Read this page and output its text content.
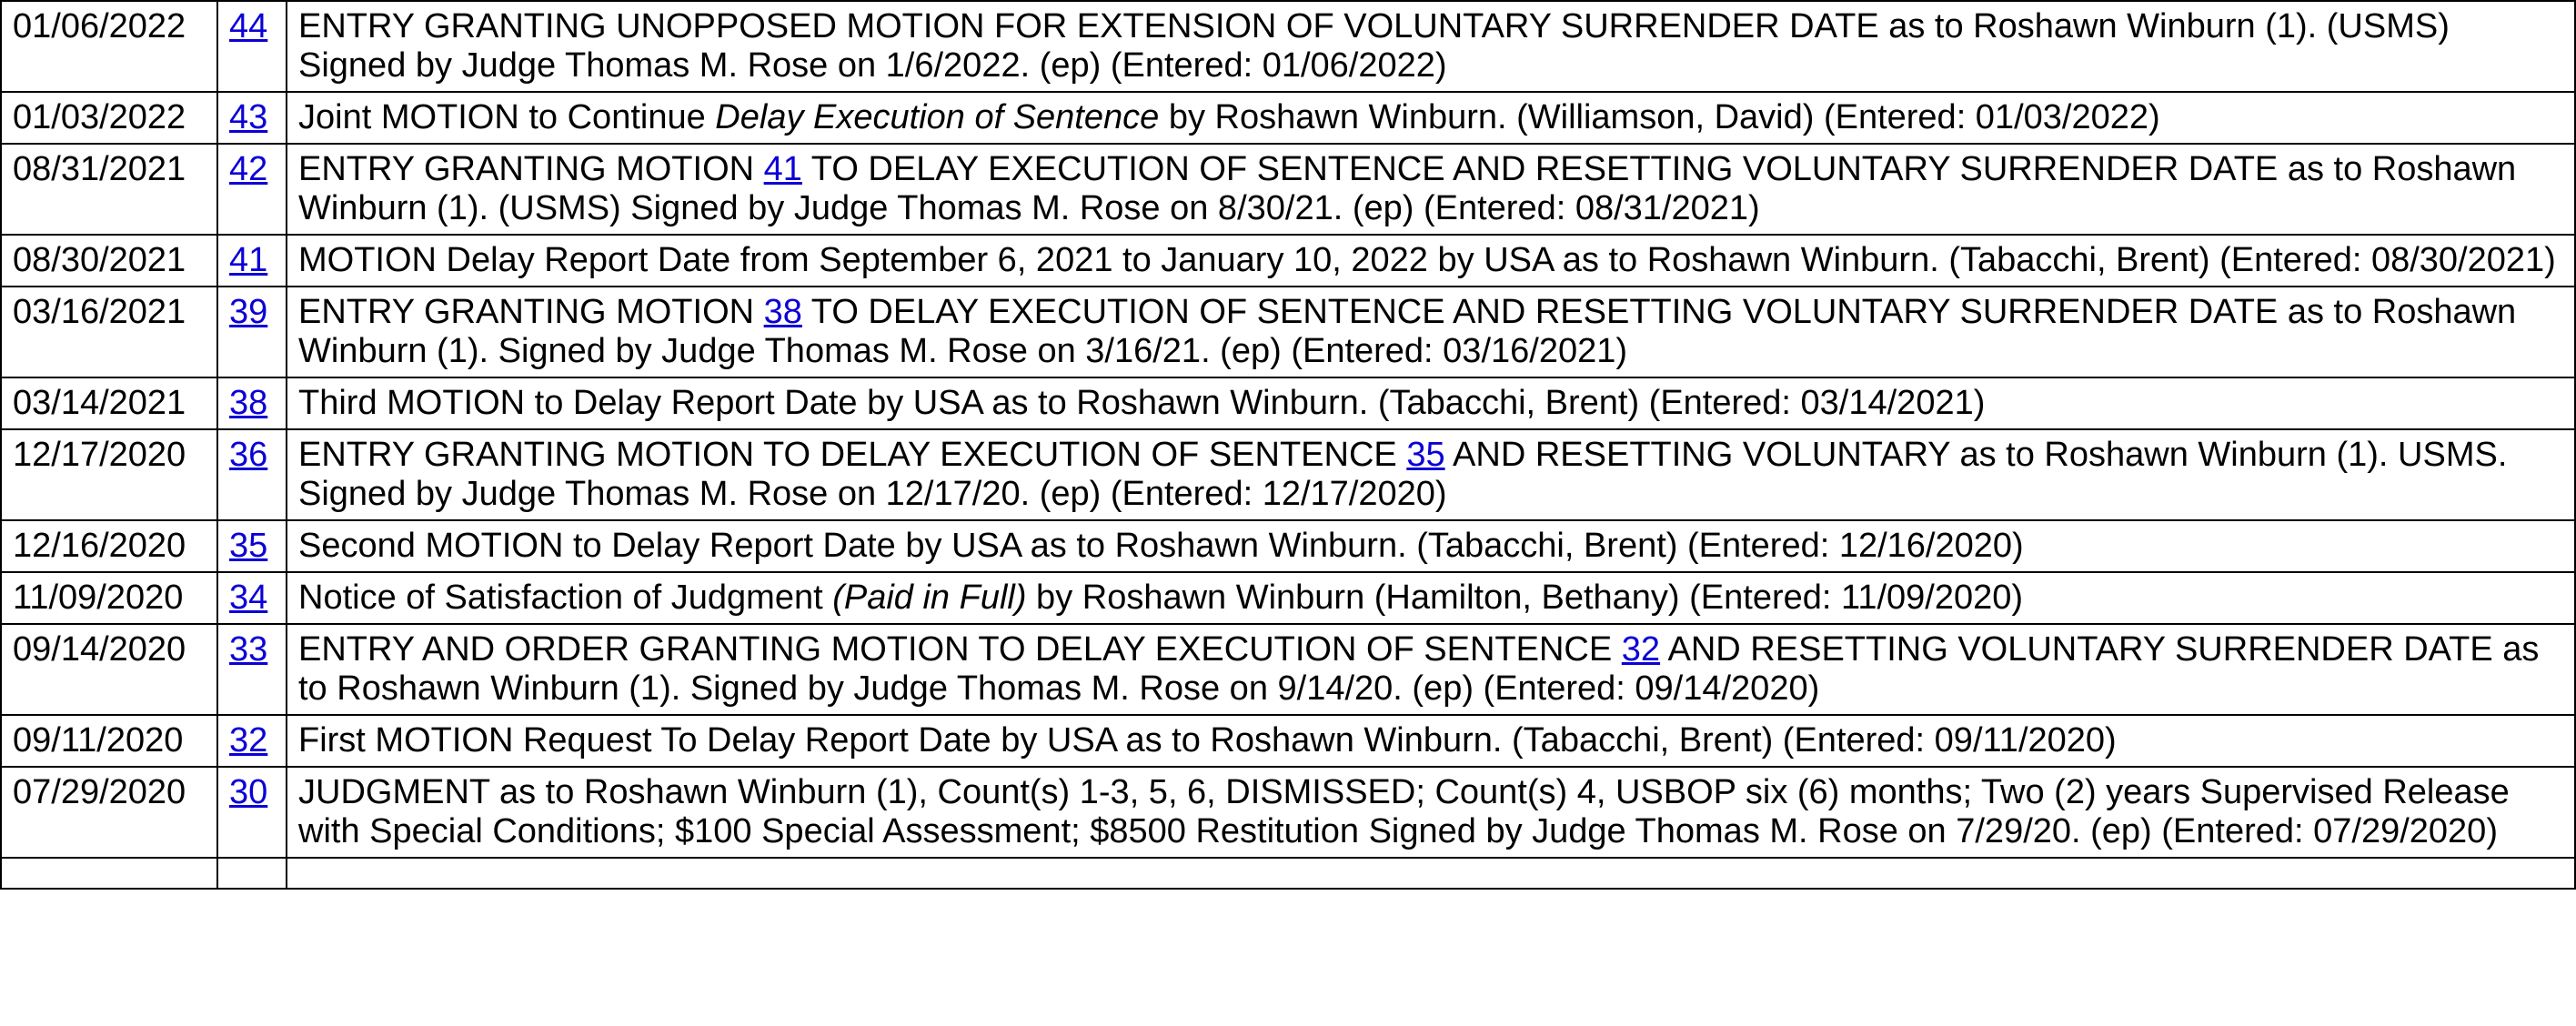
01/06/2022	44	ENTRY GRANTING UNOPPOSED MOTION FOR EXTENSION OF VOLUNTARY SURRENDER DATE as to Roshawn Winburn (1). (USMS) Signed by Judge Thomas M. Rose on 1/6/2022. (ep) (Entered: 01/06/2022)
01/03/2022	43	Joint MOTION to Continue Delay Execution of Sentence by Roshawn Winburn. (Williamson, David) (Entered: 01/03/2022)
08/31/2021	42	ENTRY GRANTING MOTION 41 TO DELAY EXECUTION OF SENTENCE AND RESETTING VOLUNTARY SURRENDER DATE as to Roshawn Winburn (1). (USMS) Signed by Judge Thomas M. Rose on 8/30/21. (ep) (Entered: 08/31/2021)
08/30/2021	41	MOTION Delay Report Date from September 6, 2021 to January 10, 2022 by USA as to Roshawn Winburn. (Tabacchi, Brent) (Entered: 08/30/2021)
03/16/2021	39	ENTRY GRANTING MOTION 38 TO DELAY EXECUTION OF SENTENCE AND RESETTING VOLUNTARY SURRENDER DATE as to Roshawn Winburn (1). Signed by Judge Thomas M. Rose on 3/16/21. (ep) (Entered: 03/16/2021)
03/14/2021	38	Third MOTION to Delay Report Date by USA as to Roshawn Winburn. (Tabacchi, Brent) (Entered: 03/14/2021)
12/17/2020	36	ENTRY GRANTING MOTION TO DELAY EXECUTION OF SENTENCE 35 AND RESETTING VOLUNTARY as to Roshawn Winburn (1). USMS. Signed by Judge Thomas M. Rose on 12/17/20. (ep) (Entered: 12/17/2020)
12/16/2020	35	Second MOTION to Delay Report Date by USA as to Roshawn Winburn. (Tabacchi, Brent) (Entered: 12/16/2020)
11/09/2020	34	Notice of Satisfaction of Judgment (Paid in Full) by Roshawn Winburn (Hamilton, Bethany) (Entered: 11/09/2020)
09/14/2020	33	ENTRY AND ORDER GRANTING MOTION TO DELAY EXECUTION OF SENTENCE 32 AND RESETTING VOLUNTARY SURRENDER DATE as to Roshawn Winburn (1). Signed by Judge Thomas M. Rose on 9/14/20. (ep) (Entered: 09/14/2020)
09/11/2020	32	First MOTION Request To Delay Report Date by USA as to Roshawn Winburn. (Tabacchi, Brent) (Entered: 09/11/2020)
07/29/2020	30	JUDGMENT as to Roshawn Winburn (1), Count(s) 1-3, 5, 6, DISMISSED; Count(s) 4, USBOP six (6) months; Two (2) years Supervised Release with Special Conditions; $100 Special Assessment; $8500 Restitution Signed by Judge Thomas M. Rose on 7/29/20. (ep) (Entered: 07/29/2020)
